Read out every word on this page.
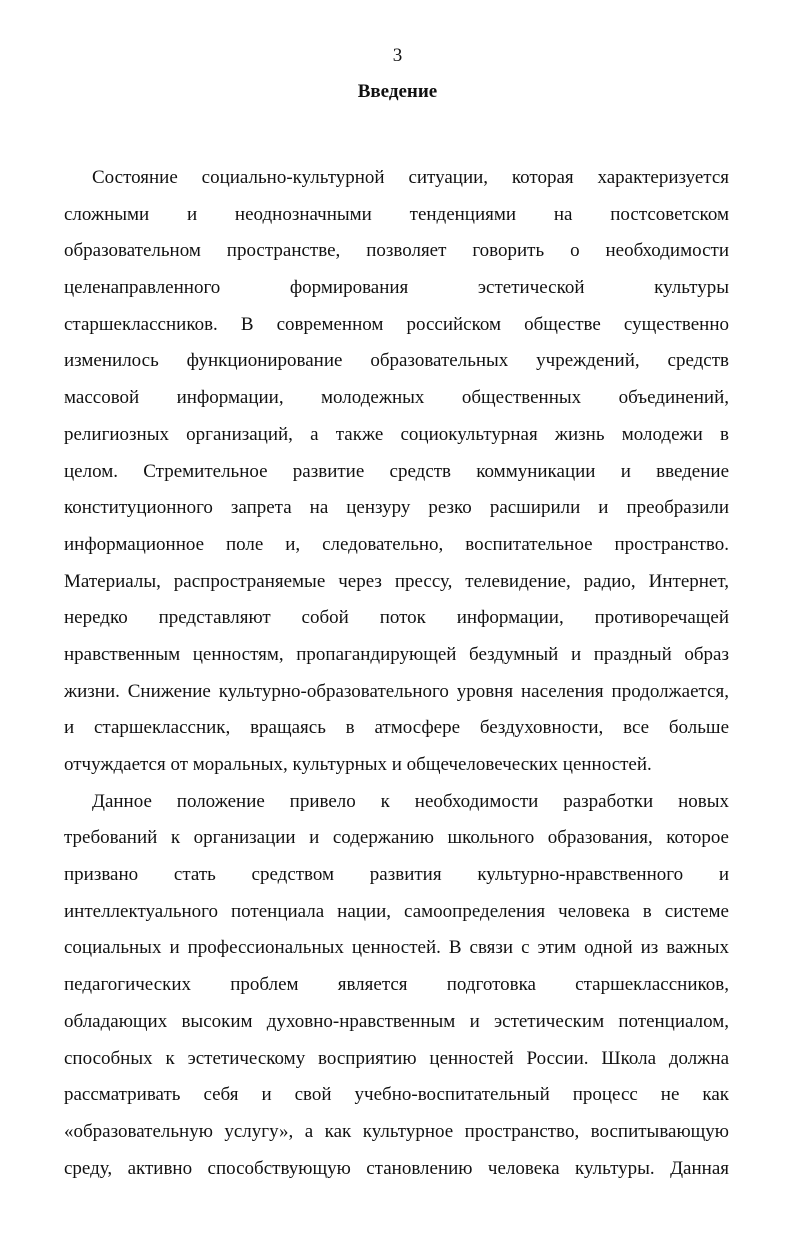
3
Введение
Состояние социально-культурной ситуации, которая характеризуется
сложными и неоднозначными тенденциями на постсоветском
образовательном пространстве, позволяет говорить о необходимости
целенаправленного формирования эстетической культуры
старшеклассников. В современном российском обществе существенно
изменилось функционирование образовательных учреждений, средств
массовой информации, молодежных общественных объединений,
религиозных организаций, а также социокультурная жизнь молодежи в
целом. Стремительное развитие средств коммуникации и введение
конституционного запрета на цензуру резко расширили и преобразили
информационное поле и, следовательно, воспитательное пространство.
Материалы, распространяемые через прессу, телевидение, радио, Интернет,
нередко представляют собой поток информации, противоречащей
нравственным ценностям, пропагандирующей бездумный и праздный образ
жизни. Снижение культурно-образовательного уровня населения продолжается,
и старшеклассник, вращаясь в атмосфере бездуховности, все больше
отчуждается от моральных, культурных и общечеловеческих ценностей.
Данное положение привело к необходимости разработки новых
требований к организации и содержанию школьного образования, которое
призвано стать средством развития культурно-нравственного и
интеллектуального потенциала нации, самоопределения человека в системе
социальных и профессиональных ценностей. В связи с этим одной из важных
педагогических проблем является подготовка старшеклассников,
обладающих высоким духовно-нравственным и эстетическим потенциалом,
способных к эстетическому восприятию ценностей России. Школа должна
рассматривать себя и свой учебно-воспитательный процесс не как
«образовательную услугу», а как культурное пространство, воспитывающую
среду, активно способствующую становлению человека культуры. Данная
